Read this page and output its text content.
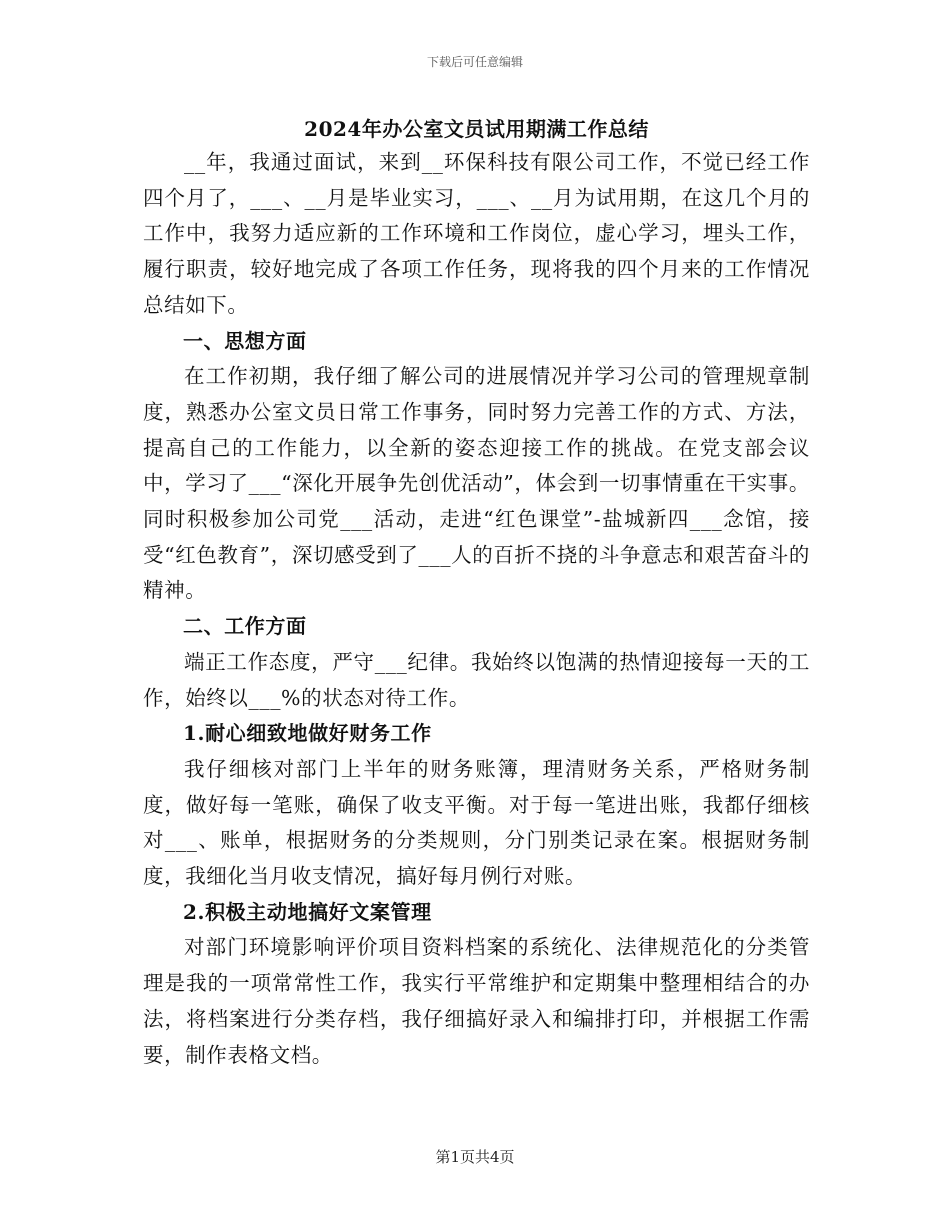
下载后可任意编辑
2024年办公室文员试用期满工作总结

__年，我通过面试，来到__环保科技有限公司工作，不觉已经工作四个月了，___、__月是毕业实习，___、__月为试用期，在这几个月的工作中，我努力适应新的工作环境和工作岗位，虚心学习，埋头工作，履行职责，较好地完成了各项工作任务，现将我的四个月来的工作情况总结如下。

一、思想方面

在工作初期，我仔细了解公司的进展情况并学习公司的管理规章制度，熟悉办公室文员日常工作事务，同时努力完善工作的方式、方法，提高自己的工作能力，以全新的姿态迎接工作的挑战。在党支部会议中，学习了___“深化开展争先创优活动”，体会到一切事情重在干实事。同时积极参加公司党___活动，走进“红色课堂”-盐城新四___念馆，接受“红色教育”，深切感受到了___人的百折不挠的斗争意志和艰苦奋斗的精神。

二、工作方面

端正工作态度，严守___纪律。我始终以饱满的热情迎接每一天的工作，始终以___%的状态对待工作。

1.耐心细致地做好财务工作

我仔细核对部门上半年的财务账簿，理清财务关系，严格财务制度，做好每一笔账，确保了收支平衡。对于每一笔进出账，我都仔细核对___、账单，根据财务的分类规则，分门别类记录在案。根据财务制度，我细化当月收支情况，搞好每月例行对账。

2.积极主动地搞好文案管理

对部门环境影响评价项目资料档案的系统化、法律规范化的分类管理是我的一项常常性工作，我实行平常维护和定期集中整理相结合的办法，将档案进行分类存档，我仔细搞好录入和编排打印，并根据工作需要，制作表格文档。

第1页共4页
